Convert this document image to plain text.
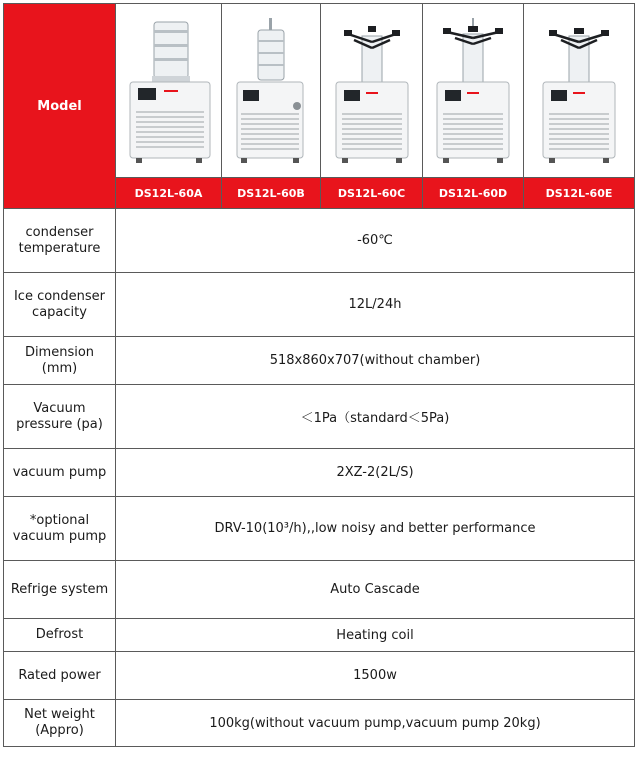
Model	

	DS12L-60A	DS12L-60B	DS12L-60C	DS12L-60D	DS12L-60E
condenser temperature	-60℃				
Ice condenser capacity	12L/24h				
Dimension (mm)	518x860x707(without chamber)				
Vacuum pressure (pa)	＜1Pa（standard＜5Pa)				
vacuum pump	2XZ-2(2L/S)				
*optional vacuum pump	DRV-10(10³/h),,low noisy and better performance				
Refrige system	Auto Cascade				
Defrost	Heating coil				
Rated power	1500w				
Net weight (Appro)	100kg(without vacuum pump,vacuum pump 20kg)				
